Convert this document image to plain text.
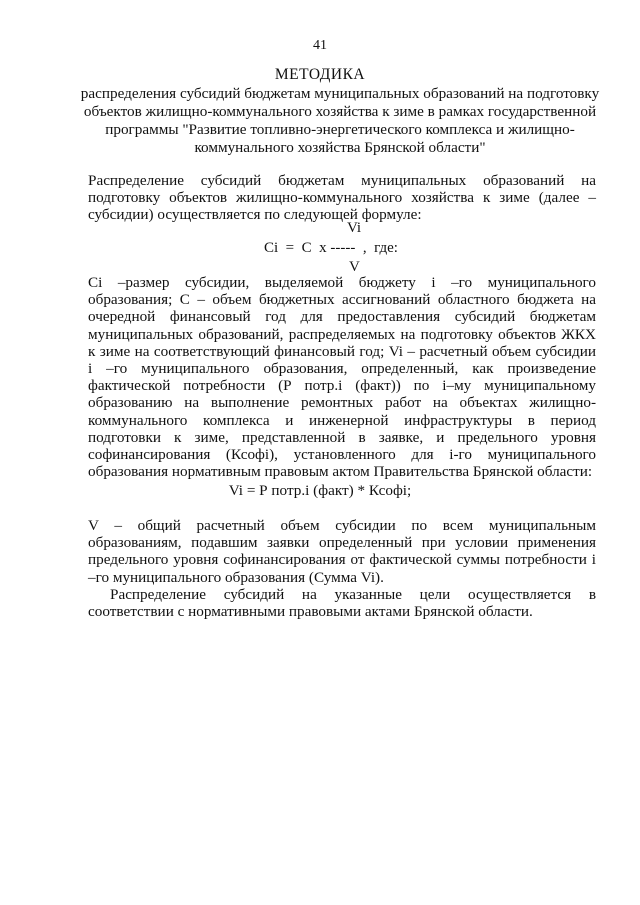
41
МЕТОДИКА
распределения субсидий бюджетам муниципальных образований на подготовку объектов жилищно-коммунального хозяйства к зиме в рамках государственной программы "Развитие топливно-энергетического комплекса и жилищно-коммунального хозяйства Брянской области"
Распределение субсидий бюджетам муниципальных образований на подготовку объектов жилищно-коммунального хозяйства к зиме (далее – субсидии) осуществляется по следующей формуле:
Vi
Ci  =  C  х -----  ,  где:
V
Ci –размер субсидии, выделяемой бюджету i –го муниципального образования; С – объем бюджетных ассигнований областного бюджета на очередной финансовый год для предоставления субсидий бюджетам муниципальных образований, распределяемых на подготовку объектов ЖКХ к зиме на соответствующий финансовый год; Vi – расчетный объем субсидии i –го муниципального образования, определенный, как произведение фактической потребности (Р потр.i (факт)) по i–му муниципальному образованию на выполнение ремонтных работ на объектах жилищно-коммунального комплекса и инженерной инфраструктуры в период подготовки к зиме, представленной в заявке, и предельного уровня софинансирования (Ксофi), установленного для i-го муниципального образования нормативным правовым актом Правительства Брянской области:
Vi = Р потр.i (факт) * Ксофi;
V – общий расчетный объем субсидии по всем муниципальным образованиям, подавшим заявки определенный при условии применения предельного уровня софинансирования от фактической суммы потребности i –го муниципального образования (Сумма Vi).
Распределение субсидий на указанные цели осуществляется в соответствии с нормативными правовыми актами Брянской области.
